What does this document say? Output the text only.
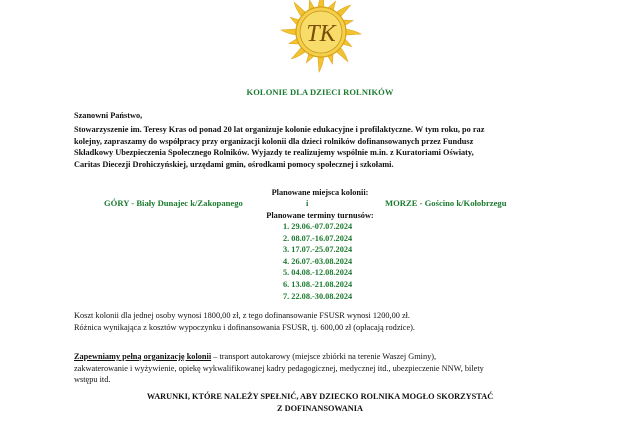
TK
KOLONIE DLA DZIECI ROLNIKÓW
Szanowni Państwo,
Stowarzyszenie im. Teresy Kras od ponad 20 lat organizuje kolonie edukacyjne i profilaktyczne. W tym roku, po raz
kolejny, zapraszamy do współpracy przy organizacji kolonii dla dzieci rolników dofinansowanych przez Fundusz
Składkowy Ubezpieczenia Społecznego Rolników. Wyjazdy te realizujemy wspólnie m.in. z Kuratoriami Oświaty,
Caritas Diecezji Drohiczyńskiej, urzędami gmin, ośrodkami pomocy społecznej i szkołami.
Planowane miejsca kolonii:
GÓRY - Biały Dunajec k/Zakopanego	i	MORZE - Gościno k/Kołobrzegu
Planowane terminy turnusów:
1. 29.06.-07.07.2024
2. 08.07.-16.07.2024
3. 17.07.-25.07.2024
4. 26.07.-03.08.2024
5. 04.08.-12.08.2024
6. 13.08.-21.08.2024
7. 22.08.-30.08.2024
Koszt kolonii dla jednej osoby wynosi 1800,00 zł, z tego dofinansowanie FSUSR wynosi 1200,00 zł.
Różnica wynikająca z kosztów wypoczynku i dofinansowania FSUSR, tj. 600,00 zł (opłacają rodzice).
Zapewniamy pełną organizację kolonii – transport autokarowy (miejsce zbiórki na terenie Waszej Gminy),
zakwaterowanie i wyżywienie, opiekę wykwalifikowanej kadry pedagogicznej, medycznej itd., ubezpieczenie NNW, bilety
wstępu itd.
WARUNKI, KTÓRE NALEŻY SPEŁNIĆ, ABY DZIECKO ROLNIKA MOGŁO SKORZYSTAĆ
Z DOFINANSOWANIA
